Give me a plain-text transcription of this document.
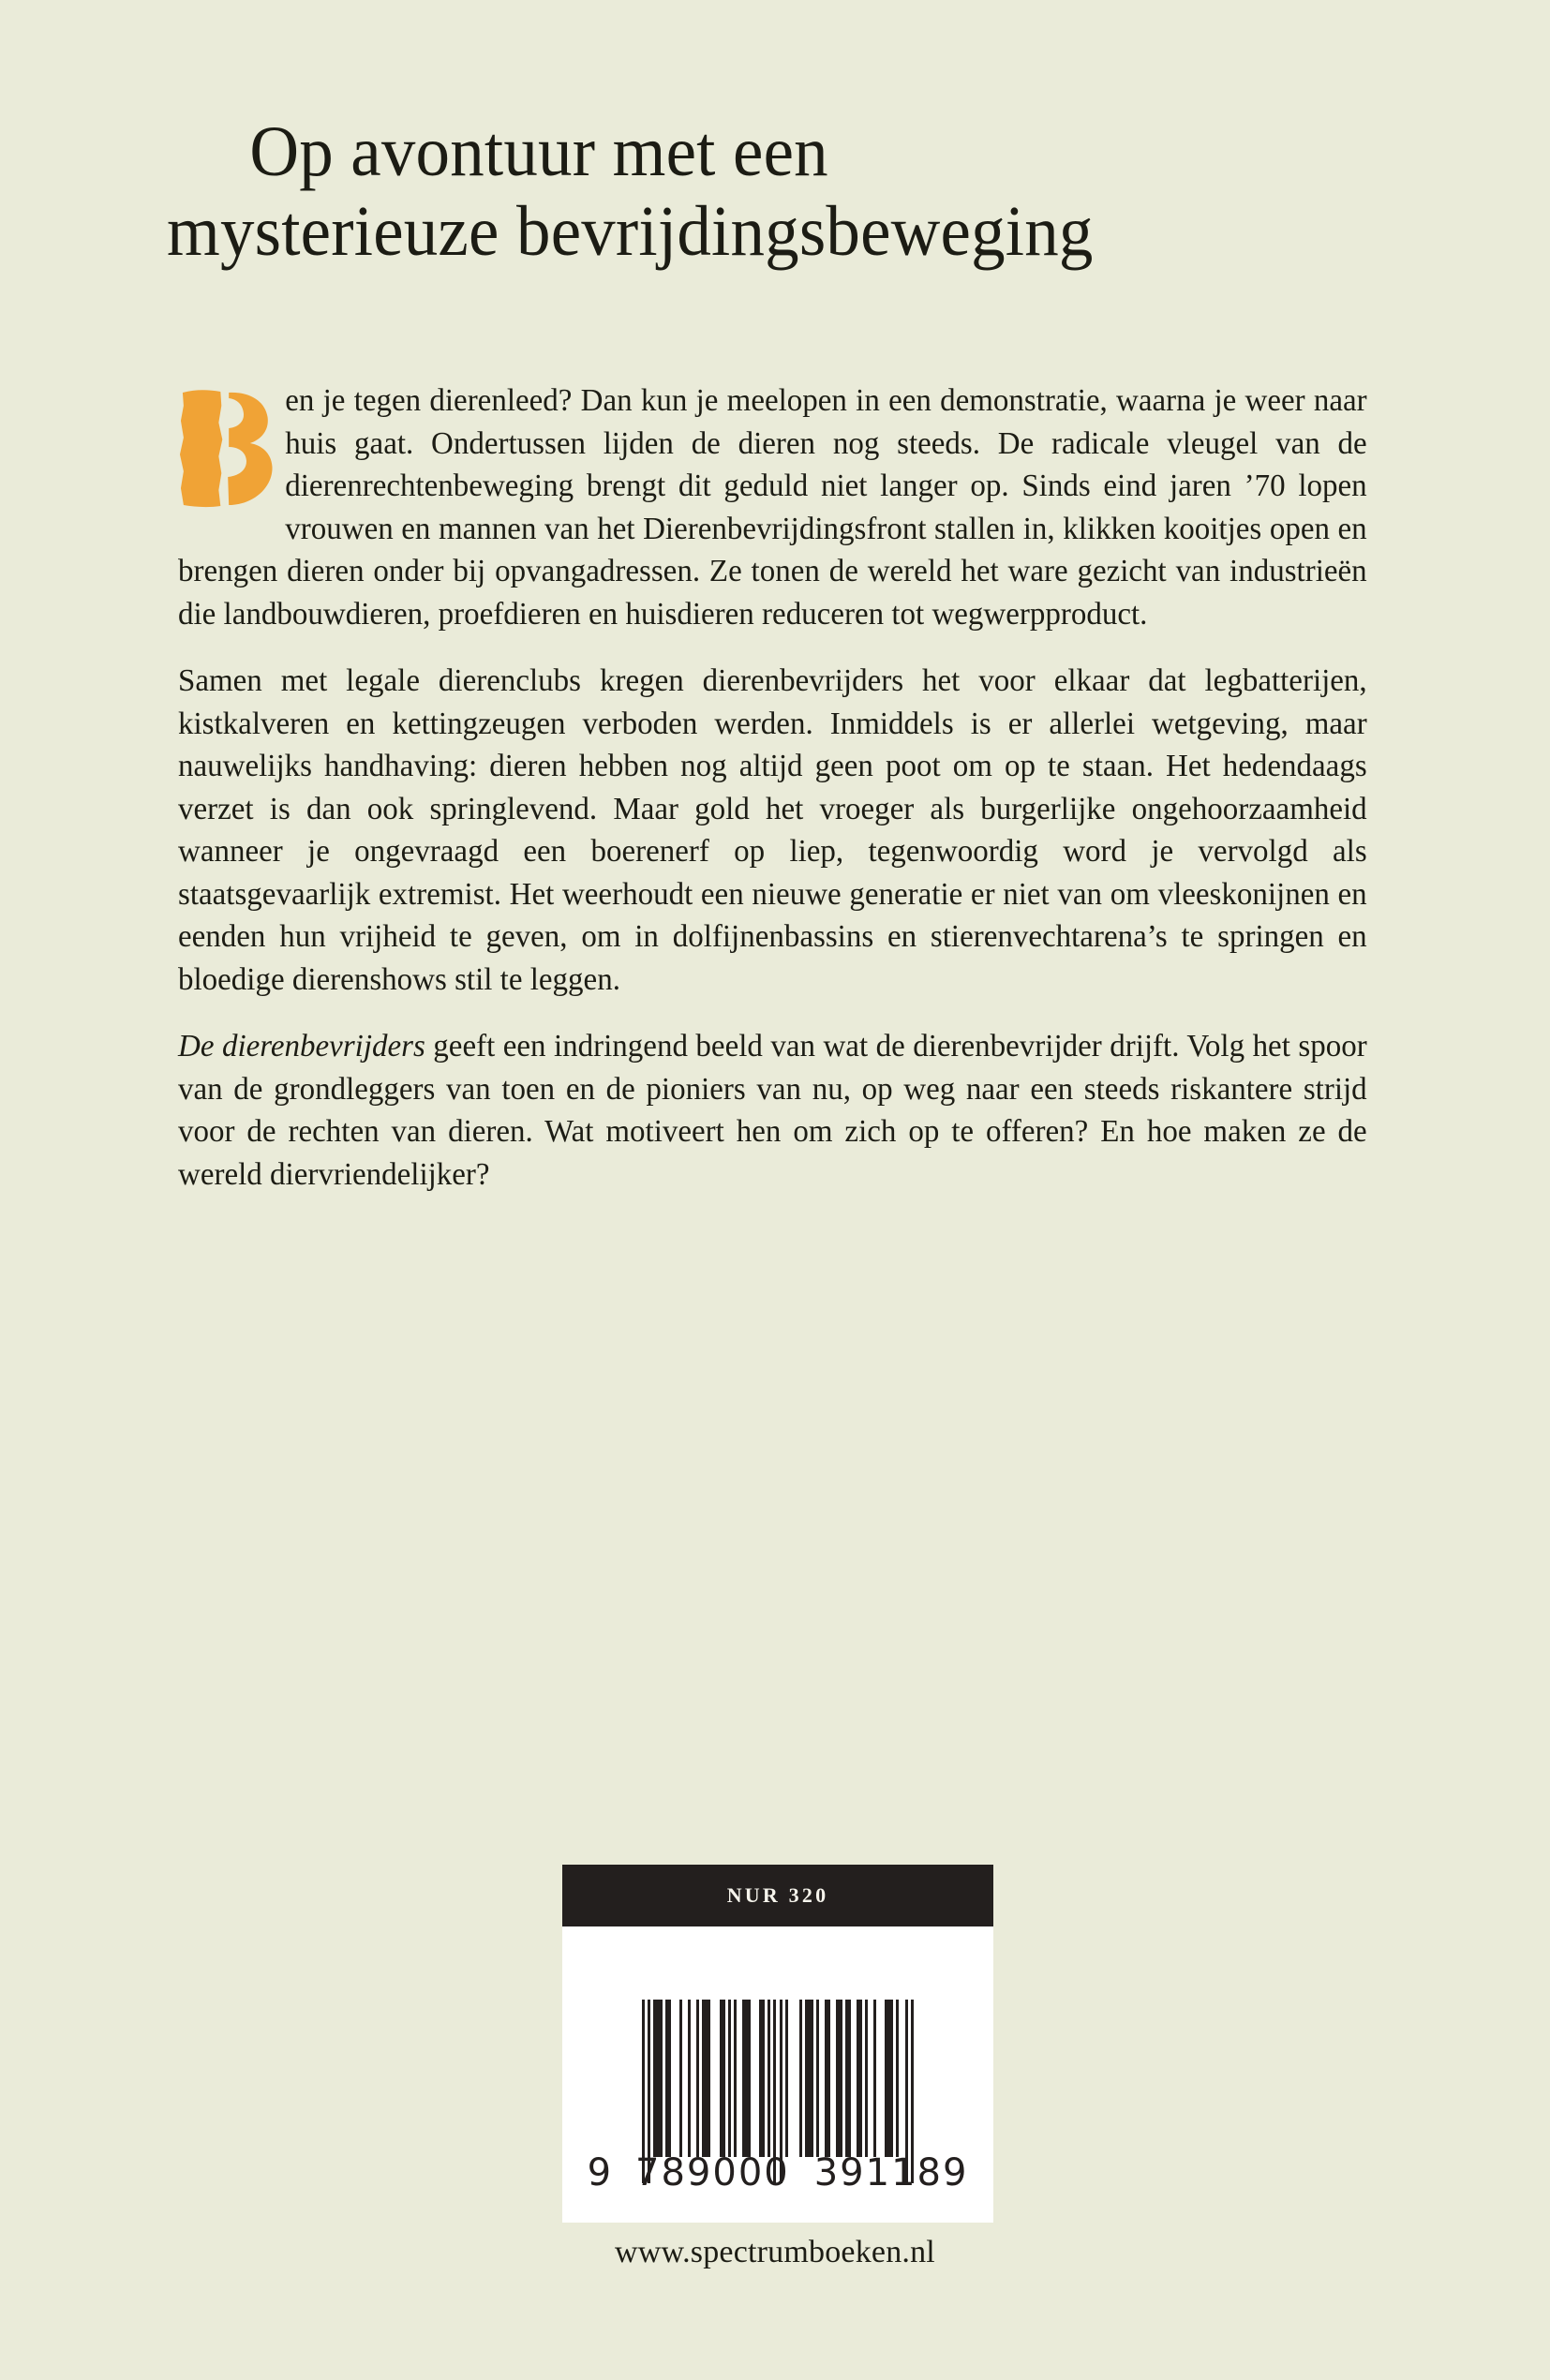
Op avontuur met een
mysterieuze bevrijdingsbeweging

en je tegen dierenleed? Dan kun je meelopen in een demonstratie, waarna je weer naar huis gaat. Ondertussen lijden de dieren nog steeds. De radicale vleugel van de dierenrechtenbeweging brengt dit geduld niet langer op. Sinds eind jaren ’70 lopen vrouwen en mannen van het Dierenbevrijdingsfront stallen in, klikken kooitjes open en brengen dieren onder bij opvangadressen. Ze tonen de wereld het ware gezicht van industrieën die landbouwdieren, proefdieren en huisdieren reduceren tot wegwerpproduct.

Samen met legale dierenclubs kregen dierenbevrijders het voor elkaar dat legbatterijen, kistkalveren en kettingzeugen verboden werden. Inmiddels is er allerlei wetgeving, maar nauwelijks handhaving: dieren hebben nog altijd geen poot om op te staan. Het hedendaags verzet is dan ook springlevend. Maar gold het vroeger als burgerlijke ongehoorzaamheid wanneer je ongevraagd een boerenerf op liep, tegenwoordig word je vervolgd als staatsgevaarlijk extremist. Het weerhoudt een nieuwe generatie er niet van om vleeskonijnen en eenden hun vrijheid te geven, om in dolfijnenbassins en stierenvechtarena’s te springen en bloedige dierenshows stil te leggen.

De dierenbevrijders geeft een indringend beeld van wat de dierenbevrijder drijft. Volg het spoor van de grondleggers van toen en de pioniers van nu, op weg naar een steeds riskantere strijd voor de rechten van dieren. Wat motiveert hen om zich op te offeren? En hoe maken ze de wereld diervriendelijker?

NUR 320
9 789000 391189
www.spectrumboeken.nl
